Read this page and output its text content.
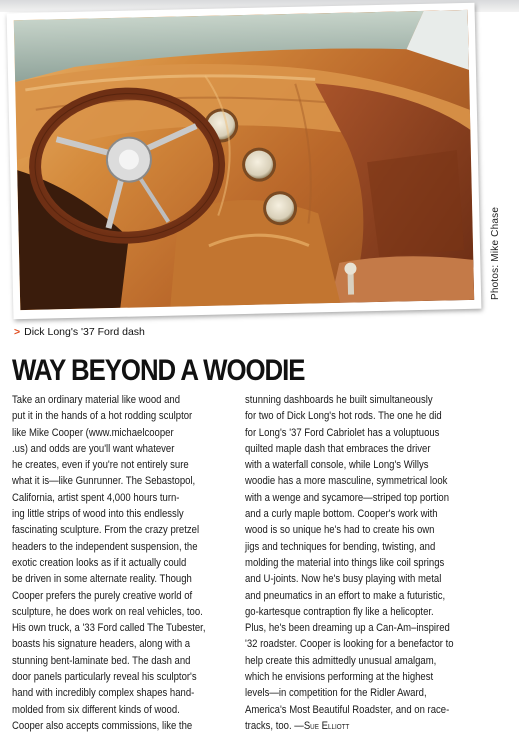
Photos: Mike Chase
> Dick Long's '37 Ford dash
WAY BEYOND A WOODIE
Take an ordinary material like wood and
put it in the hands of a hot rodding sculptor
like Mike Cooper (www.michaelcooper
.us) and odds are you'll want whatever
he creates, even if you're not entirely sure
what it is—like Gunrunner. The Sebastopol,
California, artist spent 4,000 hours turn-
ing little strips of wood into this endlessly
fascinating sculpture. From the crazy pretzel
headers to the independent suspension, the
exotic creation looks as if it actually could
be driven in some alternate reality. Though
Cooper prefers the purely creative world of
sculpture, he does work on real vehicles, too.
His own truck, a '33 Ford called The Tubester,
boasts his signature headers, along with a
stunning bent-laminate bed. The dash and
door panels particularly reveal his sculptor's
hand with incredibly complex shapes hand-
molded from six different kinds of wood.
Cooper also accepts commissions, like the
stunning dashboards he built simultaneously
for two of Dick Long's hot rods. The one he did
for Long's '37 Ford Cabriolet has a voluptuous
quilted maple dash that embraces the driver
with a waterfall console, while Long's Willys
woodie has a more masculine, symmetrical look
with a wenge and sycamore—striped top portion
and a curly maple bottom. Cooper's work with
wood is so unique he's had to create his own
jigs and techniques for bending, twisting, and
molding the material into things like coil springs
and U-joints. Now he's busy playing with metal
and pneumatics in an effort to make a futuristic,
go-kartesque contraption fly like a helicopter.
Plus, he's been dreaming up a Can-Am–inspired
'32 roadster. Cooper is looking for a benefactor to
help create this admittedly unusual amalgam,
which he envisions performing at the highest
levels—in competition for the Ridler Award,
America's Most Beautiful Roadster, and on race-
tracks, too. —Sue Elliott
